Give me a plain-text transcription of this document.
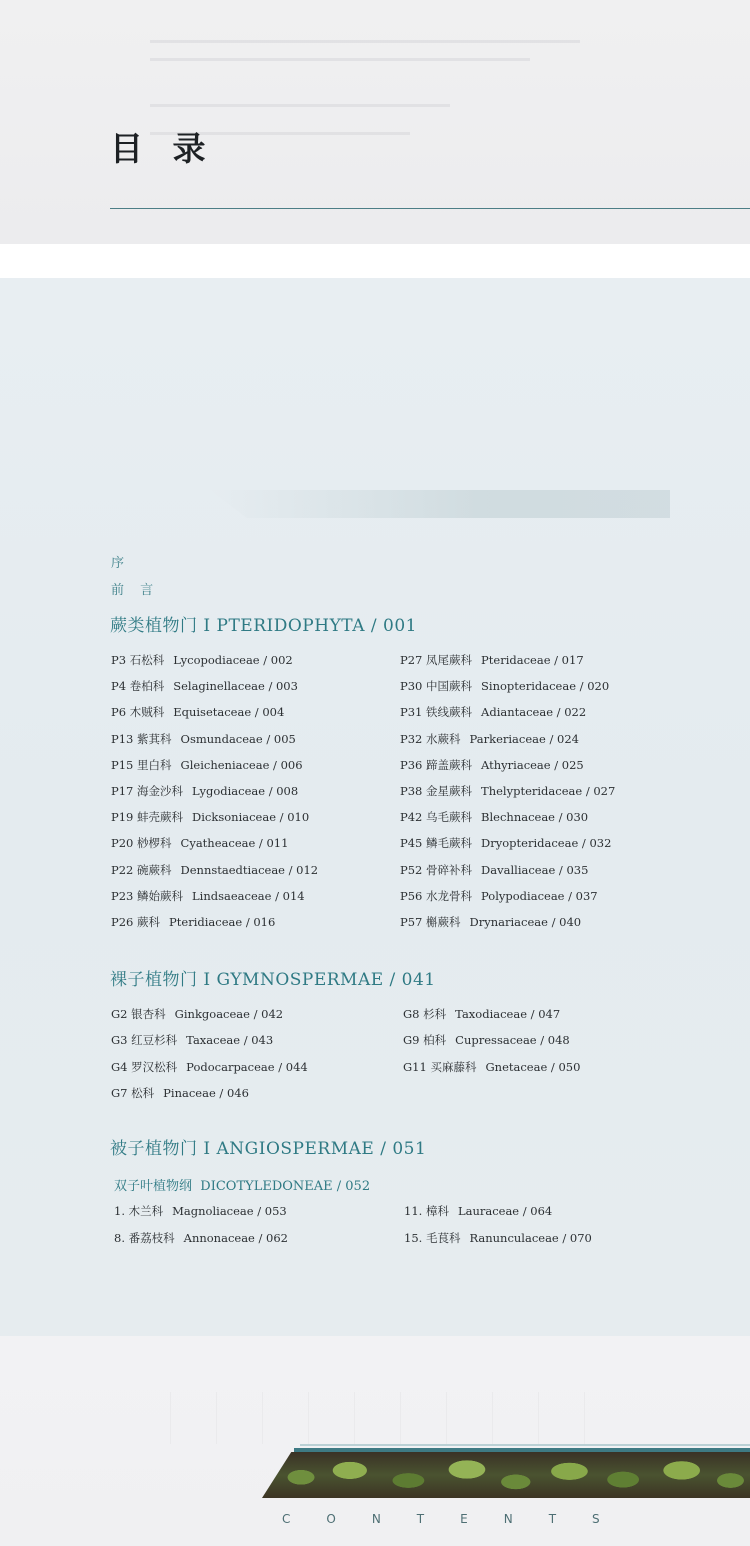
目 录
序
前 言
蕨类植物门 I PTERIDOPHYTA / 001
P3 石松科 Lycopodiaceae / 002
P4 卷柏科 Selaginellaceae / 003
P6 木贼科 Equisetaceae / 004
P13 紫萁科 Osmundaceae / 005
P15 里白科 Gleicheniaceae / 006
P17 海金沙科 Lygodiaceae / 008
P19 蚌壳蕨科 Dicksoniaceae / 010
P20 桫椤科 Cyatheaceae / 011
P22 碗蕨科 Dennstaedtiaceae / 012
P23 鳞始蕨科 Lindsaeaceae / 014
P26 蕨科 Pteridiaceae / 016
P27 凤尾蕨科 Pteridaceae / 017
P30 中国蕨科 Sinopteridaceae / 020
P31 铁线蕨科 Adiantaceae / 022
P32 水蕨科 Parkeriaceae / 024
P36 蹄盖蕨科 Athyriaceae / 025
P38 金星蕨科 Thelypteridaceae / 027
P42 乌毛蕨科 Blechnaceae / 030
P45 鳞毛蕨科 Dryopteridaceae / 032
P52 骨碎补科 Davalliaceae / 035
P56 水龙骨科 Polypodiaceae / 037
P57 槲蕨科 Drynariaceae / 040
裸子植物门 I GYMNOSPERMAE / 041
G2 银杏科 Ginkgoaceae / 042
G3 红豆杉科 Taxaceae / 043
G4 罗汉松科 Podocarpaceae / 044
G7 松科 Pinaceae / 046
G8 杉科 Taxodiaceae / 047
G9 柏科 Cupressaceae / 048
G11 买麻藤科 Gnetaceae / 050
被子植物门 I ANGIOSPERMAE / 051
双子叶植物纲 DICOTYLEDONEAE / 052
1. 木兰科 Magnoliaceae / 053
8. 番荔枝科 Annonaceae / 062
11. 樟科 Lauraceae / 064
15. 毛茛科 Ranunculaceae / 070
CONTENTS
